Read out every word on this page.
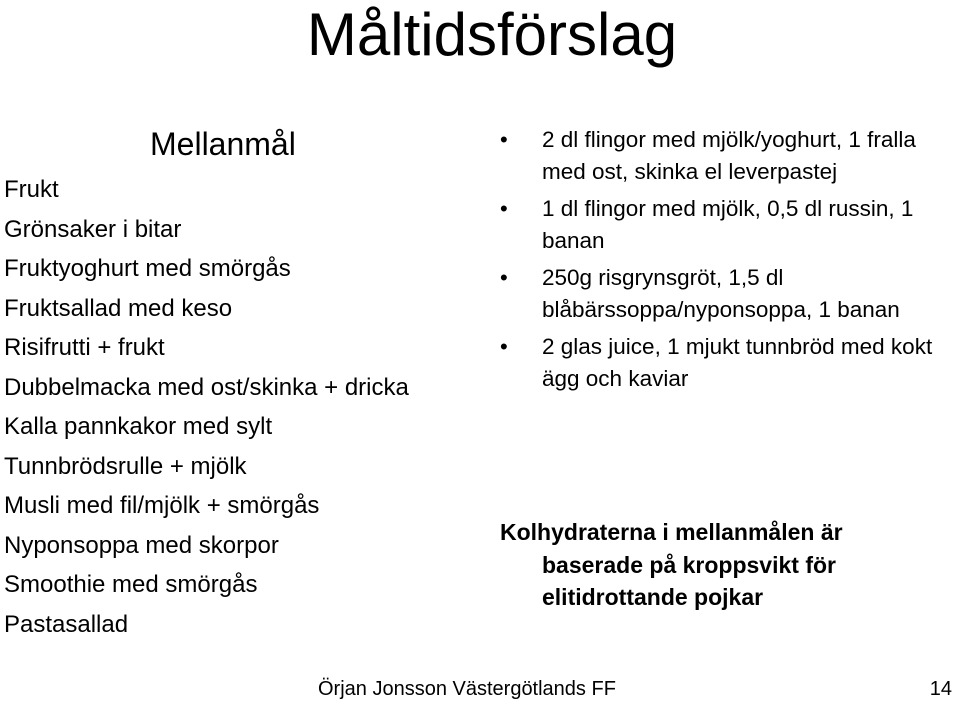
Måltidsförslag
Mellanmål
Frukt
Grönsaker i bitar
Fruktyoghurt med smörgås
Fruktsallad med keso
Risifrutti + frukt
Dubbelmacka med ost/skinka + dricka
Kalla pannkakor med sylt
Tunnbrödsrulle + mjölk
Musli med fil/mjölk + smörgås
Nyponsoppa med skorpor
Smoothie med smörgås
Pastasallad
• 2 dl flingor med mjölk/yoghurt, 1 fralla med ost, skinka el leverpastej
• 1 dl flingor med mjölk, 0,5 dl russin, 1 banan
• 250g risgrynsgröt, 1,5 dl blåbärssoppa/nyponsoppa, 1 banan
• 2 glas juice, 1 mjukt tunnbröd med kokt ägg och kaviar
Kolhydraterna i mellanmålen är
baserade på kroppsvikt för
elitidrottande pojkar
Örjan Jonsson Västergötlands FF	14
